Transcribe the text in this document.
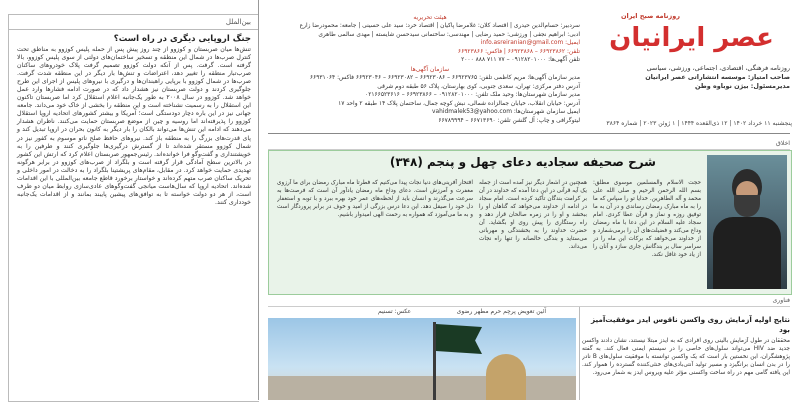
بین‌الملل
جنگ اروپایی دیگری در راه است؟
تنش‌ها میان صربستان و کوزوو از چند روز پیش پس از حمله پلیس کوزوو به مناطق تحت کنترل صرب‌ها در شمال این منطقه و تسخیر ساختمان‌های دولتی از سوی پلیس کوزوو، بالا گرفته است. گرفت. پس از آنکه دولت کوزوو تصمیم گرفت پلاک خودروهای ساکنان صرب‌تبار منطقه را تغییر دهد، اعتراضات و تنش‌ها بار دیگر در این منطقه شدت گرفت. صرب‌ها در شمال کوزوو با برپایی راهبندان‌ها و درگیری با نیروهای پلیس از اجرای این طرح جلوگیری کردند و دولت صربستان نیز هشدار داد که در صورت ادامه فشارها وارد عمل خواهد شد. کوزوو در سال ۲۰۰۸ به طور یک‌جانبه اعلام استقلال کرد اما صربستان تاکنون این استقلال را به رسمیت نشناخته است و این منطقه را بخشی از خاک خود می‌داند. جامعه جهانی نیز در این باره دچار دودستگی است؛ آمریکا و بیشتر کشورهای اتحادیه اروپا استقلال کوزوو را پذیرفته‌اند اما روسیه و چین از موضع صربستان حمایت می‌کنند. ناظران هشدار می‌دهند که ادامه این تنش‌ها می‌تواند بالکان را بار دیگر به کانون بحران در اروپا تبدیل کند و پای قدرت‌های بزرگ را به منطقه باز کند. نیروهای حافظ صلح ناتو موسوم به کفور نیز در شمال کوزوو مستقر شده‌اند تا از گسترش درگیری‌ها جلوگیری کنند و طرفین را به خویشتنداری و گفت‌وگو فرا خوانده‌اند. رئیس‌جمهور صربستان اعلام کرد که ارتش این کشور در بالاترین سطح آمادگی قرار گرفته است و بلگراد از صرب‌های کوزوو در برابر هرگونه تهدیدی حمایت خواهد کرد. در مقابل، مقام‌های پریشتینا بلگراد را به دخالت در امور داخلی و تحریک ساکنان صرب متهم کرده‌اند و خواستار برخورد قاطع جامعه بین‌المللی با این اقدامات شده‌اند. اتحادیه اروپا که سال‌هاست میانجی گفت‌وگوهای عادی‌سازی روابط میان دو طرف است، از هر دو دولت خواسته تا به توافق‌های پیشین پایبند بمانند و از اقدامات یک‌جانبه خودداری کنند.
روزنامه صبح ایران
عصر ایرانیان
روزنامه فرهنگی، اقتصادی، اجتماعی، ورزشی، سیاسی
صاحب امتیاز: موسسه انتشاراتی عصر ایرانیان
مدیرمسئول: بیژن نوباوه وطن
پنجشنبه ۱۱ خرداد ۱۴۰۲ | ۱۲ ذی‌القعده ۱۴۴۴ | ۱ ژوئن ۲۰۲۳ | شماره ۳۸۶۴
هیئت تحریریه
سردبیر: حسام‌الدین حیدری | اقتصاد کلان: غلامرضا پاکیان | اقتصاد خرد: سید علی حسینی | جامعه: محمودرضا زارع
ادبی: ابراهیم نجفی | ورزشی: حمید رضایی | مهندسی: ساختمانی سید‌حسن شایسته | مهدی سالمی طاهری
ایمیل: info.asreiranian@gmail.com
تلفن: ۶۶۹۲۳۸۶۲ – ۶۶۹۲۳۸۶۸ | فاکس: ۶۶۹۲۳۸۶۶
تلفن آگهی‌ها: ۰۹۱۲۸۲۰۱۰۰۰ – ۷۷ ۷۱۱ ۸۸۸ ۲۰۰۰
سازمان آگهی‌ها
مدیر سازمان آگهی‌ها: مریم کاظمی تلفن: ۶۶۹۲۳۷۶۵ – ۶۶۹۲۳۰۸۶ – ۶۶۹۲۳۰۸۲ – ۶۶۹۲۳۰۴۶ فاکس: ۶۶۹۳۱۰۶۴
آدرس دفتر مرکزی: تهران، سعدی جنوبی، کوی بهارستان، پلاک ۵۶ طبقه دوم شرقی
مدیر سازمان شهرستان‌ها: وحید ملک تلفن: ۰۹۱۲۸۲۰۱۰۰۰ – ۶۶۹۲۳۸۶۶ – ۰۲۱۶۶۵۲۳۶۱۶
آدرس: خیابان انقلاب، خیابان جمالزاده شمالی، نبش کوچه جمال، ساختمان پلاک ۱۴ طبقه ۲ واحد ۱۷
ایمیل سازمان شهرستان‌ها: vahidmalek53@yahoo.com
لیتوگرافی و چاپ: آل گلشن تلفن: ۶۶۷۱۳۶۹۰ – ۶۶۷۸۹۹۹۴
اخلاق
شرح صحیفه سجادیه دعای چهل و پنجم (۳۴۸)
حجت الاسلام والمسلمین موسوی مطلق: بسم الله الرحمن الرحیم و صلی الله علی محمد و آله الطاهرین. خدایا تو را سپاس که ما را به ماه مبارک رمضان رساندی و در آن به ما توفیق روزه و نماز و قرآن عطا کردی. امام سجاد علیه السلام در این دعا با ماه رمضان وداع می‌کند و فضیلت‌های آن را برمی‌شمارد و از خداوند می‌خواهد که برکات این ماه را در سراسر سال بر بندگانش جاری سازد و آنان را از یاد خود غافل نکند.
همچنین در اشعار دیگر نیز آمده است از جمله یک آیه قرآنی در این دعا آمده که خداوند در آن بر کرامت بندگان تأکید کرده است. امام سجاد در ادامه از خداوند می‌خواهد که گناهان او را ببخشد و او را در زمره صالحان قرار دهد و راه رستگاری را پیش روی او بگشاید. آن حضرت خداوند را به بخشندگی و مهربانی می‌ستاید و بندگی خالصانه را تنها راه نجات می‌داند.
افتخار آفرینی‌های دنیا نجات پیدا می‌کنیم که فطرتاً ماه مبارک رمضان برای ما آرزوی مغفرت و آمرزش است. دعای وداع ماه رمضان یادآور آن است که فرصت‌ها به سرعت می‌گذرند و انسان باید از لحظه‌های عمر خود بهره ببرد و با توبه و استغفار دل خود را صیقل دهد. این دعا درس بزرگی از امید و خوف در برابر پروردگار است و به ما می‌آموزد که همواره به رحمت الهی امیدوار باشیم.
فناوری
آئین تعویض پرچم حرم مطهر رضوی
عکس: تسنیم
نتایج اولیه آزمایش روی واکسن ناقوس ایدز موفقیت‌آمیز بود
محققان در طول آزمایش بالینی روی افرادی که به ایدز مبتلا نیستند، نشان دادند واکسن جدید ضد HIV می‌تواند سلول‌های خاصی را در سیستم ایمنی فعال کند. به گفته پژوهشگران، این نخستین بار است که یک واکسن توانسته با موفقیت سلول‌های B نادر را در بدن انسان برانگیزد و مسیر تولید آنتی‌بادی‌های خنثی‌کننده گسترده را هموار کند. این یافته گامی مهم در راه ساخت واکسنی مؤثر علیه ویروس ایدز به شمار می‌رود.
